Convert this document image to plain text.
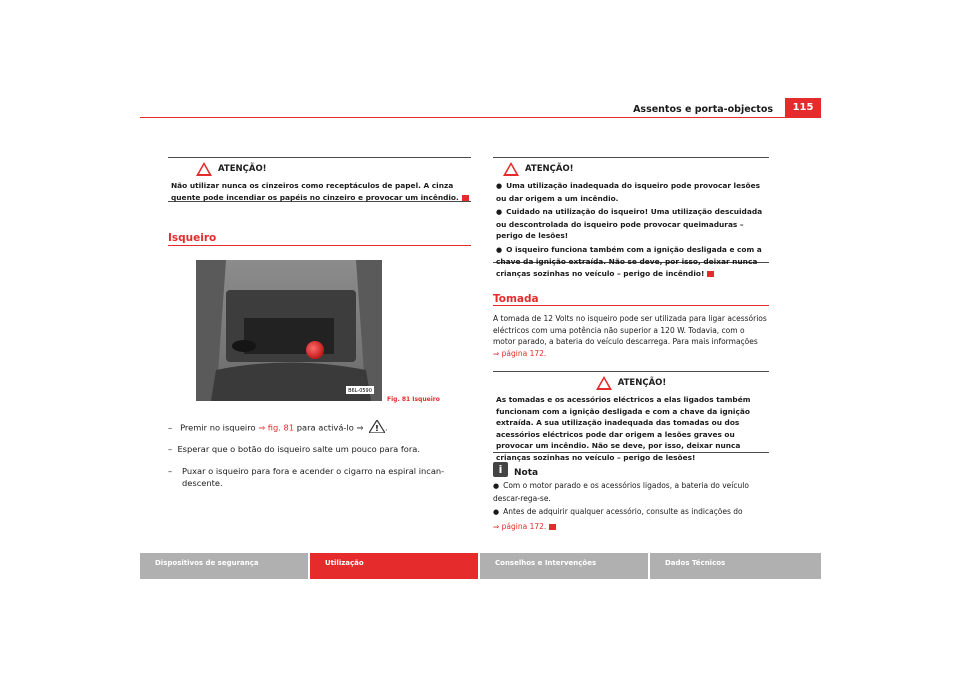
Assentos e porta-objectos	115
! ATENÇÃO!
Não utilizar nunca os cinzeiros como receptáculos de papel. A cinza quente pode incendiar os papéis no cinzeiro e provocar um incêndio.
Isqueiro
B6L-0590
Fig. 81 Isqueiro
– Premir no isqueiro ⇒ fig. 81 para activá-lo ⇒ ! .
– Esperar que o botão do isqueiro salte um pouco para fora.
–	Puxar o isqueiro para fora e acender o cigarro na espiral incan-descente.
! ATENÇÃO!
● Uma utilização inadequada do isqueiro pode provocar lesões ou dar origem a um incêndio.
● Cuidado na utilização do isqueiro! Uma utilização descuidada ou descontrolada do isqueiro pode provocar queimaduras – perigo de lesões!
● O isqueiro funciona também com a ignição desligada e com a chave da ignição extraída. Não se deve, por isso, deixar nunca crianças sozinhas no veículo – perigo de incêndio!
Tomada
A tomada de 12 Volts no isqueiro pode ser utilizada para ligar acessórios eléctricos com uma potência não superior a 120 W. Todavia, com o motor parado, a bateria do veículo descarrega. Para mais informações
⇒ página 172.
! ATENÇÃO!
As tomadas e os acessórios eléctricos a elas ligados também funcionam com a ignição desligada e com a chave da ignição extraída. A sua utilização inadequada das tomadas ou dos acessórios eléctricos pode dar origem a lesões graves ou provocar um incêndio. Não se deve, por isso, deixar nunca crianças sozinhas no veículo – perigo de lesões!
i	Nota
● Com o motor parado e os acessórios ligados, a bateria do veículo descar-rega-se.
● Antes de adquirir qualquer acessório, consulte as indicações do
⇒ página 172.
Dispositivos de segurança	Utilização	Conselhos e Intervenções	Dados Técnicos
